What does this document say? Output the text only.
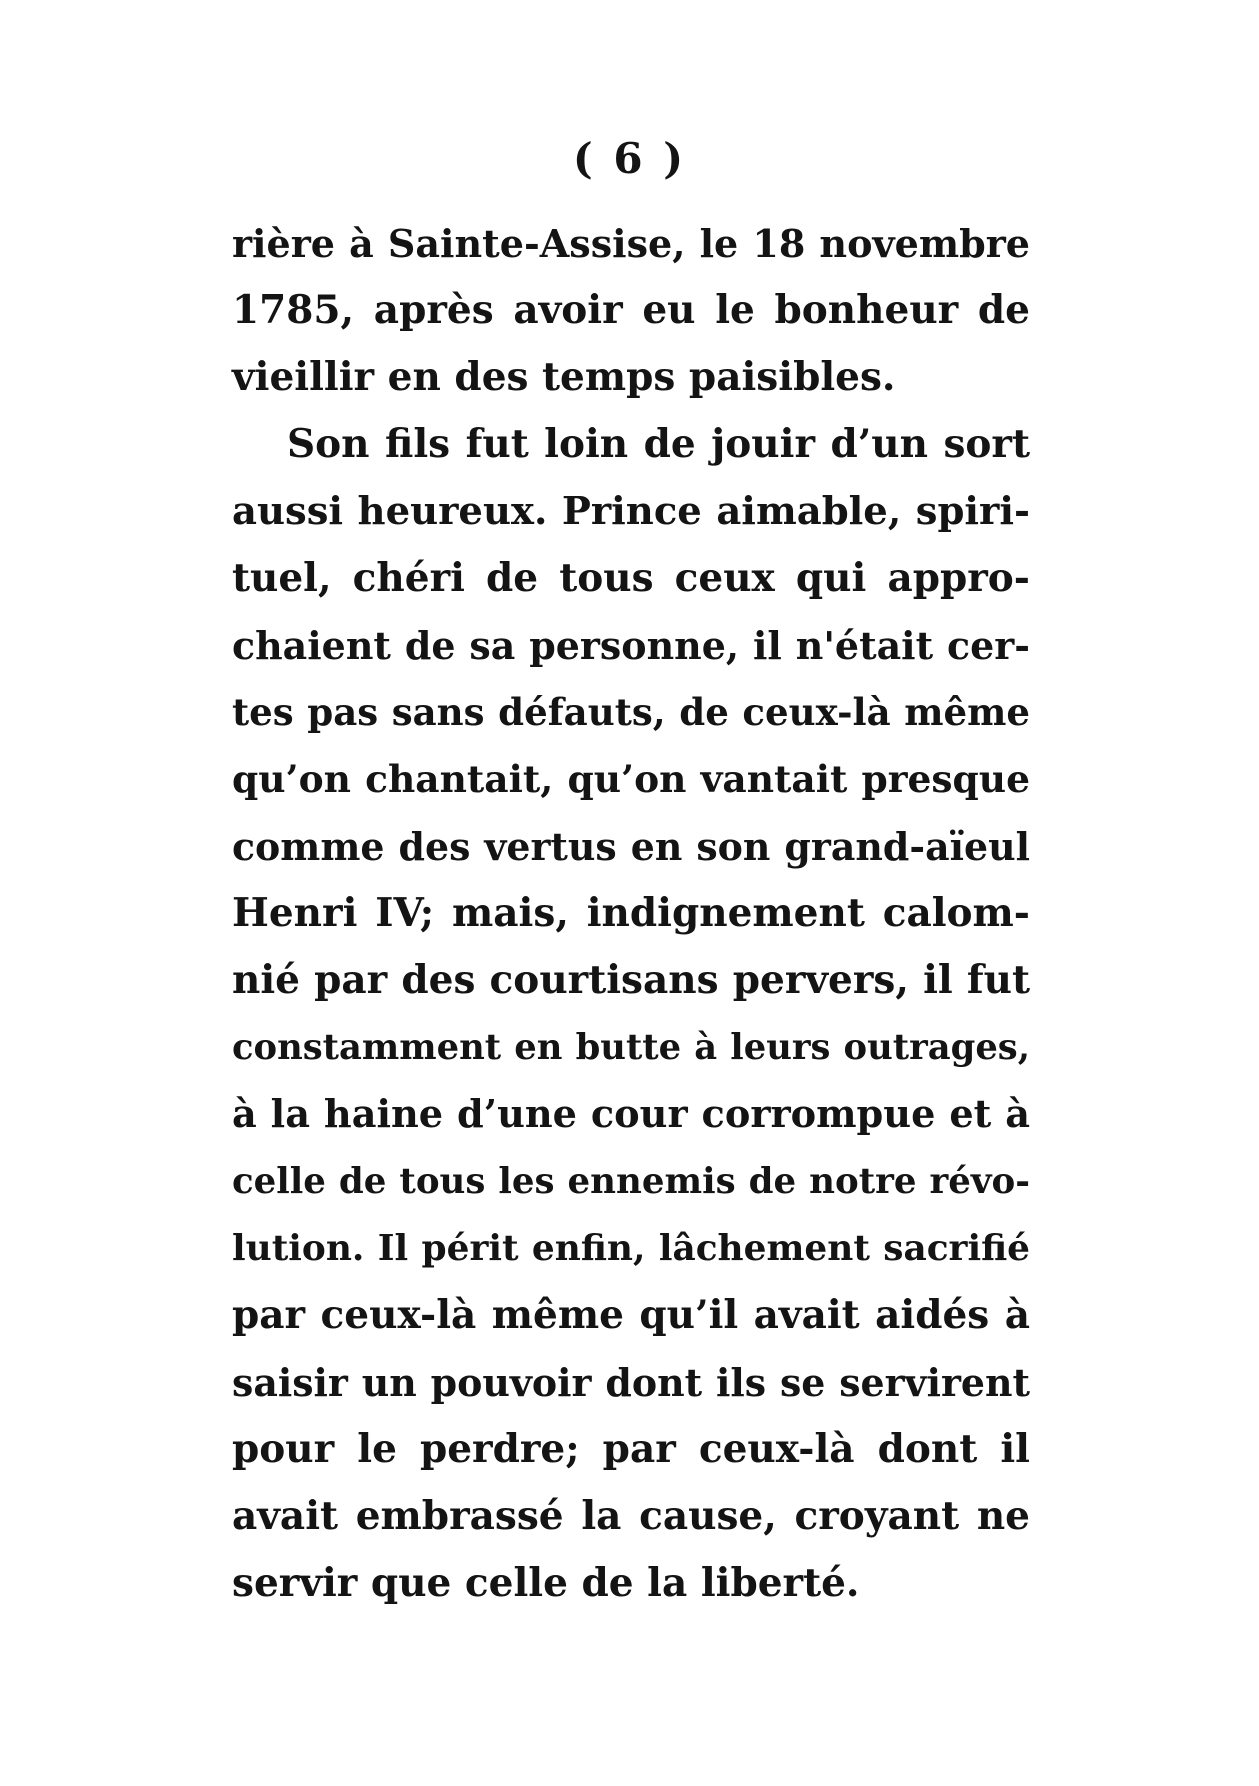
( 6 )
rière à Sainte-Assise, le 18 novembre
1785, après avoir eu le bonheur de
vieillir en des temps paisibles.
Son fils fut loin de jouir d’un sort
aussi heureux. Prince aimable, spiri-
tuel, chéri de tous ceux qui appro-
chaient de sa personne, il n'était cer-
tes pas sans défauts, de ceux-là même
qu’on chantait, qu’on vantait presque
comme des vertus en son grand-aïeul
Henri IV; mais, indignement calom-
nié par des courtisans pervers, il fut
constamment en butte à leurs outrages,
à la haine d’une cour corrompue et à
celle de tous les ennemis de notre révo-
lution. Il périt enfin, lâchement sacrifié
par ceux-là même qu’il avait aidés à
saisir un pouvoir dont ils se servirent
pour le perdre; par ceux-là dont il
avait embrassé la cause, croyant ne
servir que celle de la liberté.
